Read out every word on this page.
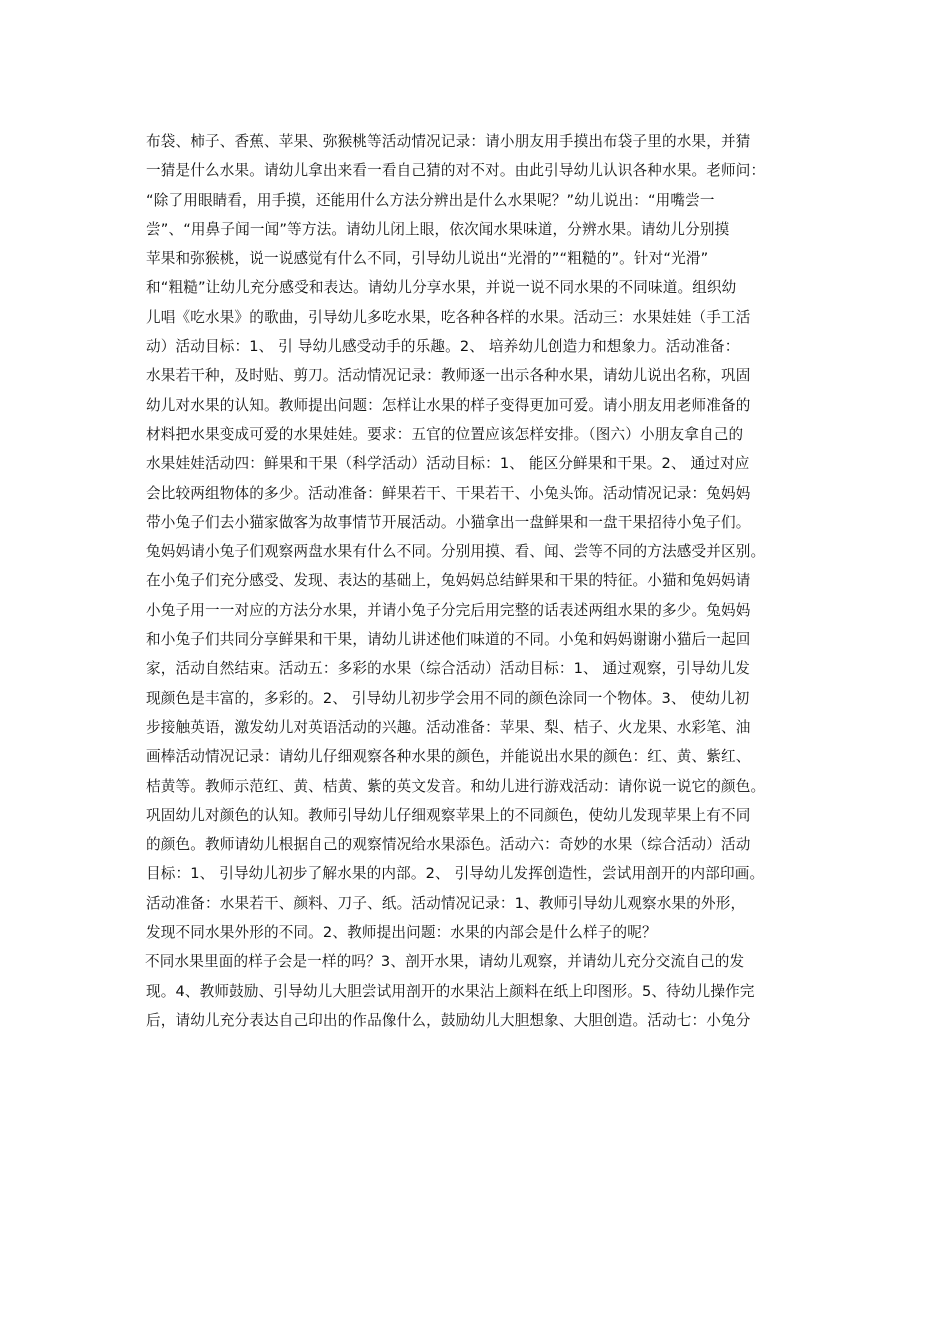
布袋、柿子、香蕉、苹果、弥猴桃等活动情况记录：请小朋友用手摸出布袋子里的水果，并猜
一猜是什么水果。请幼儿拿出来看一看自己猜的对不对。由此引导幼儿认识各种水果。老师问：
“除了用眼睛看，用手摸，还能用什么方法分辨出是什么水果呢？”幼儿说出：“用嘴尝一
尝”、“用鼻子闻一闻”等方法。请幼儿闭上眼，依次闻水果味道，分辨水果。请幼儿分别摸
苹果和弥猴桃，说一说感觉有什么不同，引导幼儿说出“光滑的”“粗糙的”。针对“光滑”
和“粗糙”让幼儿充分感受和表达。请幼儿分享水果，并说一说不同水果的不同味道。组织幼
儿唱《吃水果》的歌曲，引导幼儿多吃水果，吃各种各样的水果。活动三：水果娃娃（手工活
动）活动目标：1、 引 导幼儿感受动手的乐趣。2、 培养幼儿创造力和想象力。活动准备：
水果若干种，及时贴、剪刀。活动情况记录：教师逐一出示各种水果，请幼儿说出名称，巩固
幼儿对水果的认知。教师提出问题：怎样让水果的样子变得更加可爱。请小朋友用老师准备的
材料把水果变成可爱的水果娃娃。要求：五官的位置应该怎样安排。（图六）小朋友拿自己的
水果娃娃活动四：鲜果和干果（科学活动）活动目标：1、 能区分鲜果和干果。2、 通过对应
会比较两组物体的多少。活动准备：鲜果若干、干果若干、小兔头饰。活动情况记录：兔妈妈
带小兔子们去小猫家做客为故事情节开展活动。小猫拿出一盘鲜果和一盘干果招待小兔子们。
兔妈妈请小兔子们观察两盘水果有什么不同。分别用摸、看、闻、尝等不同的方法感受并区别。
在小兔子们充分感受、发现、表达的基础上，兔妈妈总结鲜果和干果的特征。小猫和兔妈妈请
小兔子用一一对应的方法分水果，并请小兔子分完后用完整的话表述两组水果的多少。兔妈妈
和小兔子们共同分享鲜果和干果，请幼儿讲述他们味道的不同。小兔和妈妈谢谢小猫后一起回
家，活动自然结束。活动五：多彩的水果（综合活动）活动目标：1、 通过观察，引导幼儿发
现颜色是丰富的，多彩的。2、 引导幼儿初步学会用不同的颜色涂同一个物体。3、 使幼儿初
步接触英语，激发幼儿对英语活动的兴趣。活动准备：苹果、梨、桔子、火龙果、水彩笔、油
画棒活动情况记录：请幼儿仔细观察各种水果的颜色，并能说出水果的颜色：红、黄、紫红、
桔黄等。教师示范红、黄、桔黄、紫的英文发音。和幼儿进行游戏活动：请你说一说它的颜色。
巩固幼儿对颜色的认知。教师引导幼儿仔细观察苹果上的不同颜色，使幼儿发现苹果上有不同
的颜色。教师请幼儿根据自己的观察情况给水果添色。活动六：奇妙的水果（综合活动）活动
目标：1、 引导幼儿初步了解水果的内部。2、 引导幼儿发挥创造性，尝试用剖开的内部印画。
活动准备：水果若干、颜料、刀子、纸。活动情况记录：1、教师引导幼儿观察水果的外形，
发现不同水果外形的不同。2、教师提出问题：水果的内部会是什么样子的呢？
不同水果里面的样子会是一样的吗？3、剖开水果，请幼儿观察，并请幼儿充分交流自己的发
现。4、教师鼓励、引导幼儿大胆尝试用剖开的水果沾上颜料在纸上印图形。5、待幼儿操作完
后，请幼儿充分表达自己印出的作品像什么，鼓励幼儿大胆想象、大胆创造。活动七：小兔分
